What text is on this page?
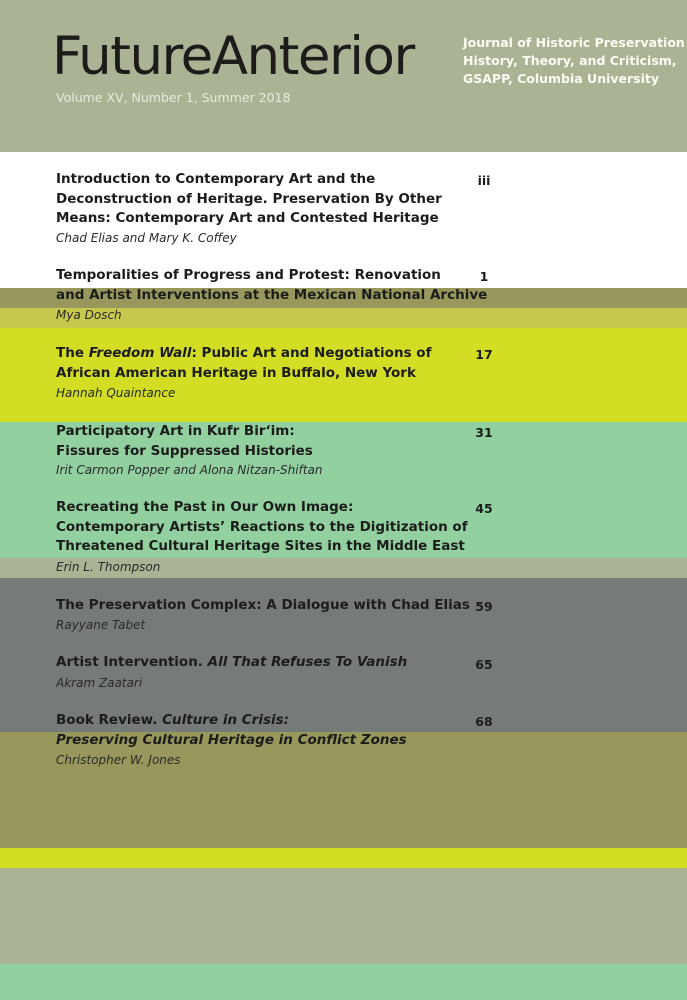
FutureAnterior
Volume XV, Number 1, Summer 2018
Journal of Historic Preservation
History, Theory, and Criticism,
GSAPP, Columbia University
Introduction to Contemporary Art and the
Deconstruction of Heritage. Preservation By Other
Means: Contemporary Art and Contested Heritage
Chad Elias and Mary K. Coffey
iii
Temporalities of Progress and Protest: Renovation
and Artist Interventions at the Mexican National Archive
Mya Dosch
1
The Freedom Wall: Public Art and Negotiations of
African American Heritage in Buffalo, New York
Hannah Quaintance
17
Participatory Art in Kufr Bir‘im:
Fissures for Suppressed Histories
Irit Carmon Popper and Alona Nitzan-Shiftan
31
Recreating the Past in Our Own Image:
Contemporary Artists’ Reactions to the Digitization of
Threatened Cultural Heritage Sites in the Middle East
Erin L. Thompson
45
The Preservation Complex: A Dialogue with Chad Elias
Rayyane Tabet
59
Artist Intervention. All That Refuses To Vanish
Akram Zaatari
65
Book Review. Culture in Crisis:
Preserving Cultural Heritage in Conflict Zones
Christopher W. Jones
68
